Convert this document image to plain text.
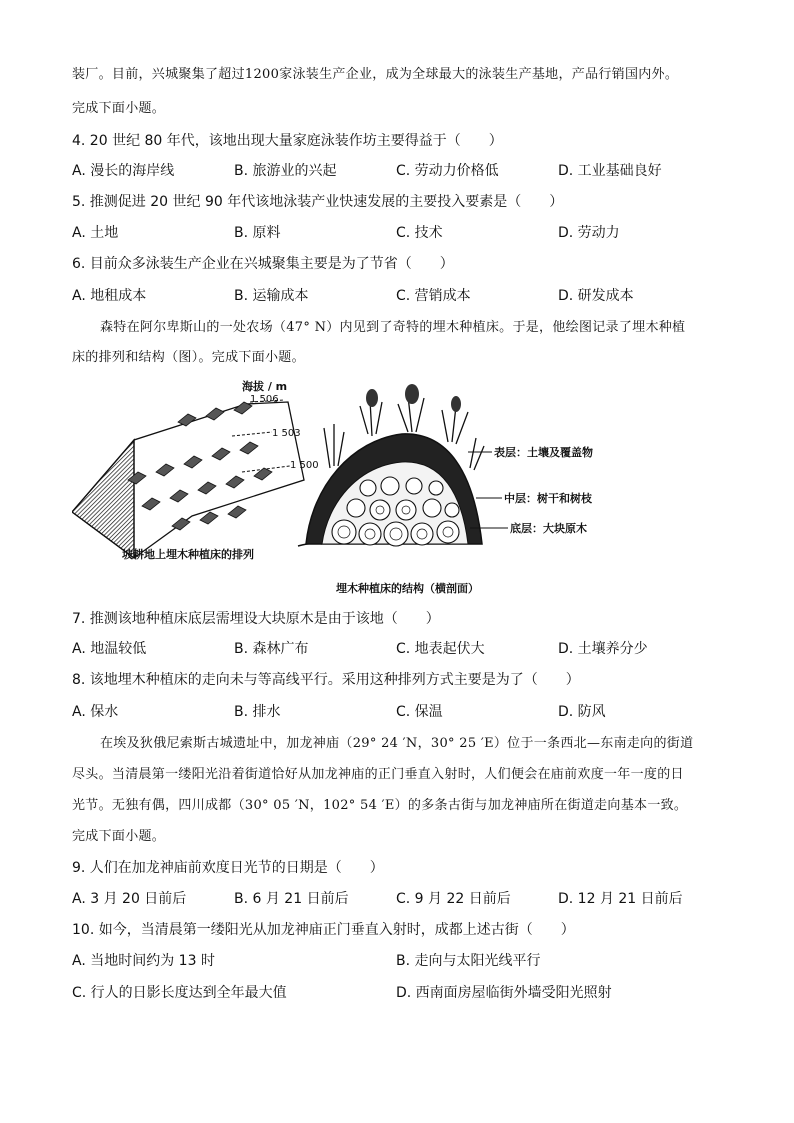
装厂。目前，兴城聚集了超过1200家泳装生产企业，成为全球最大的泳装生产基地，产品行销国内外。
完成下面小题。
4. 20 世纪 80 年代，该地出现大量家庭泳装作坊主要得益于（　　）
A. 漫长的海岸线	B. 旅游业的兴起	C. 劳动力价格低	D. 工业基础良好
5. 推测促进 20 世纪 90 年代该地泳装产业快速发展的主要投入要素是（　　）
A. 土地	B. 原料	C. 技术	D. 劳动力
6. 目前众多泳装生产企业在兴城聚集主要是为了节省（　　）
A. 地租成本	B. 运输成本	C. 营销成本	D. 研发成本
森特在阿尔卑斯山的一处农场（47° N）内见到了奇特的埋木种植床。于是，他绘图记录了埋木种植
床的排列和结构（图）。完成下面小题。
海拔 / m
1 506
1 503
1 500
坡耕地上埋木种植床的排列
表层：土壤及覆盖物
中层：树干和树枝
底层：大块原木
埋木种植床的结构（横剖面）
7. 推测该地种植床底层需埋设大块原木是由于该地（　　）
A. 地温较低	B. 森林广布	C. 地表起伏大	D. 土壤养分少
8. 该地埋木种植床的走向未与等高线平行。采用这种排列方式主要是为了（　　）
A. 保水	B. 排水	C. 保温	D. 防风
在埃及狄俄尼索斯古城遗址中，加龙神庙（29° 24 ′N，30° 25 ′E）位于一条西北—东南走向的街道
尽头。当清晨第一缕阳光沿着街道恰好从加龙神庙的正门垂直入射时，人们便会在庙前欢度一年一度的日
光节。无独有偶，四川成都（30° 05 ′N，102° 54 ′E）的多条古街与加龙神庙所在街道走向基本一致。
完成下面小题。
9. 人们在加龙神庙前欢度日光节的日期是（　　）
A. 3 月 20 日前后	B. 6 月 21 日前后	C. 9 月 22 日前后	D. 12 月 21 日前后
10. 如今，当清晨第一缕阳光从加龙神庙正门垂直入射时，成都上述古街（　　）
A. 当地时间约为 13 时	B. 走向与太阳光线平行
C. 行人的日影长度达到全年最大值	D. 西南面房屋临街外墙受阳光照射
